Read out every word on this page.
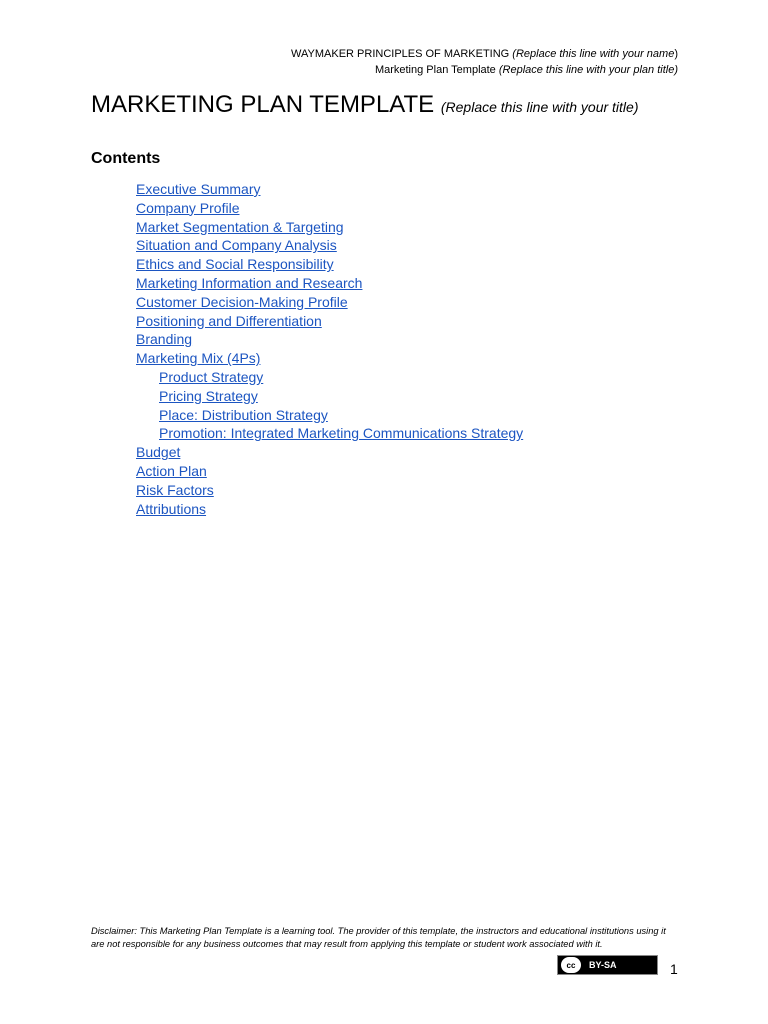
WAYMAKER PRINCIPLES OF MARKETING (Replace this line with your name)
Marketing Plan Template (Replace this line with your plan title)
MARKETING PLAN TEMPLATE (Replace this line with your title)
Contents
Executive Summary
Company Profile
Market Segmentation & Targeting
Situation and Company Analysis
Ethics and Social Responsibility
Marketing Information and Research
Customer Decision-Making Profile
Positioning and Differentiation
Branding
Marketing Mix (4Ps)
Product Strategy
Pricing Strategy
Place: Distribution Strategy
Promotion: Integrated Marketing Communications Strategy
Budget
Action Plan
Risk Factors
Attributions
Disclaimer: This Marketing Plan Template is a learning tool. The provider of this template, the instructors and educational institutions using it are not responsible for any business outcomes that may result from applying this template or student work associated with it.
cc	BY-SA	1
